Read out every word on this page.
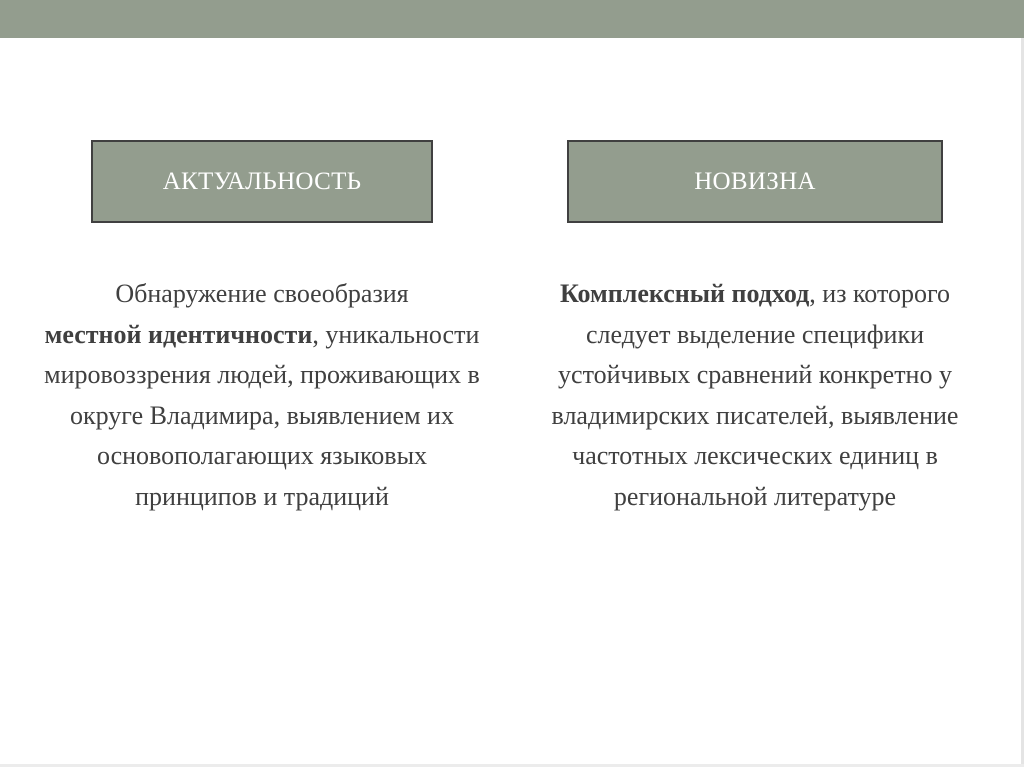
АКТУАЛЬНОСТЬ	НОВИЗНА

Обнаружение своеобразия
местной идентичности, уникальности мировоззрения людей, проживающих в округе Владимира, выявлением их основополагающих языковых принципов и традиций

Комплексный подход, из которого следует выделение специфики устойчивых сравнений конкретно у владимирских писателей, выявление частотных лексических единиц в региональной литературе
